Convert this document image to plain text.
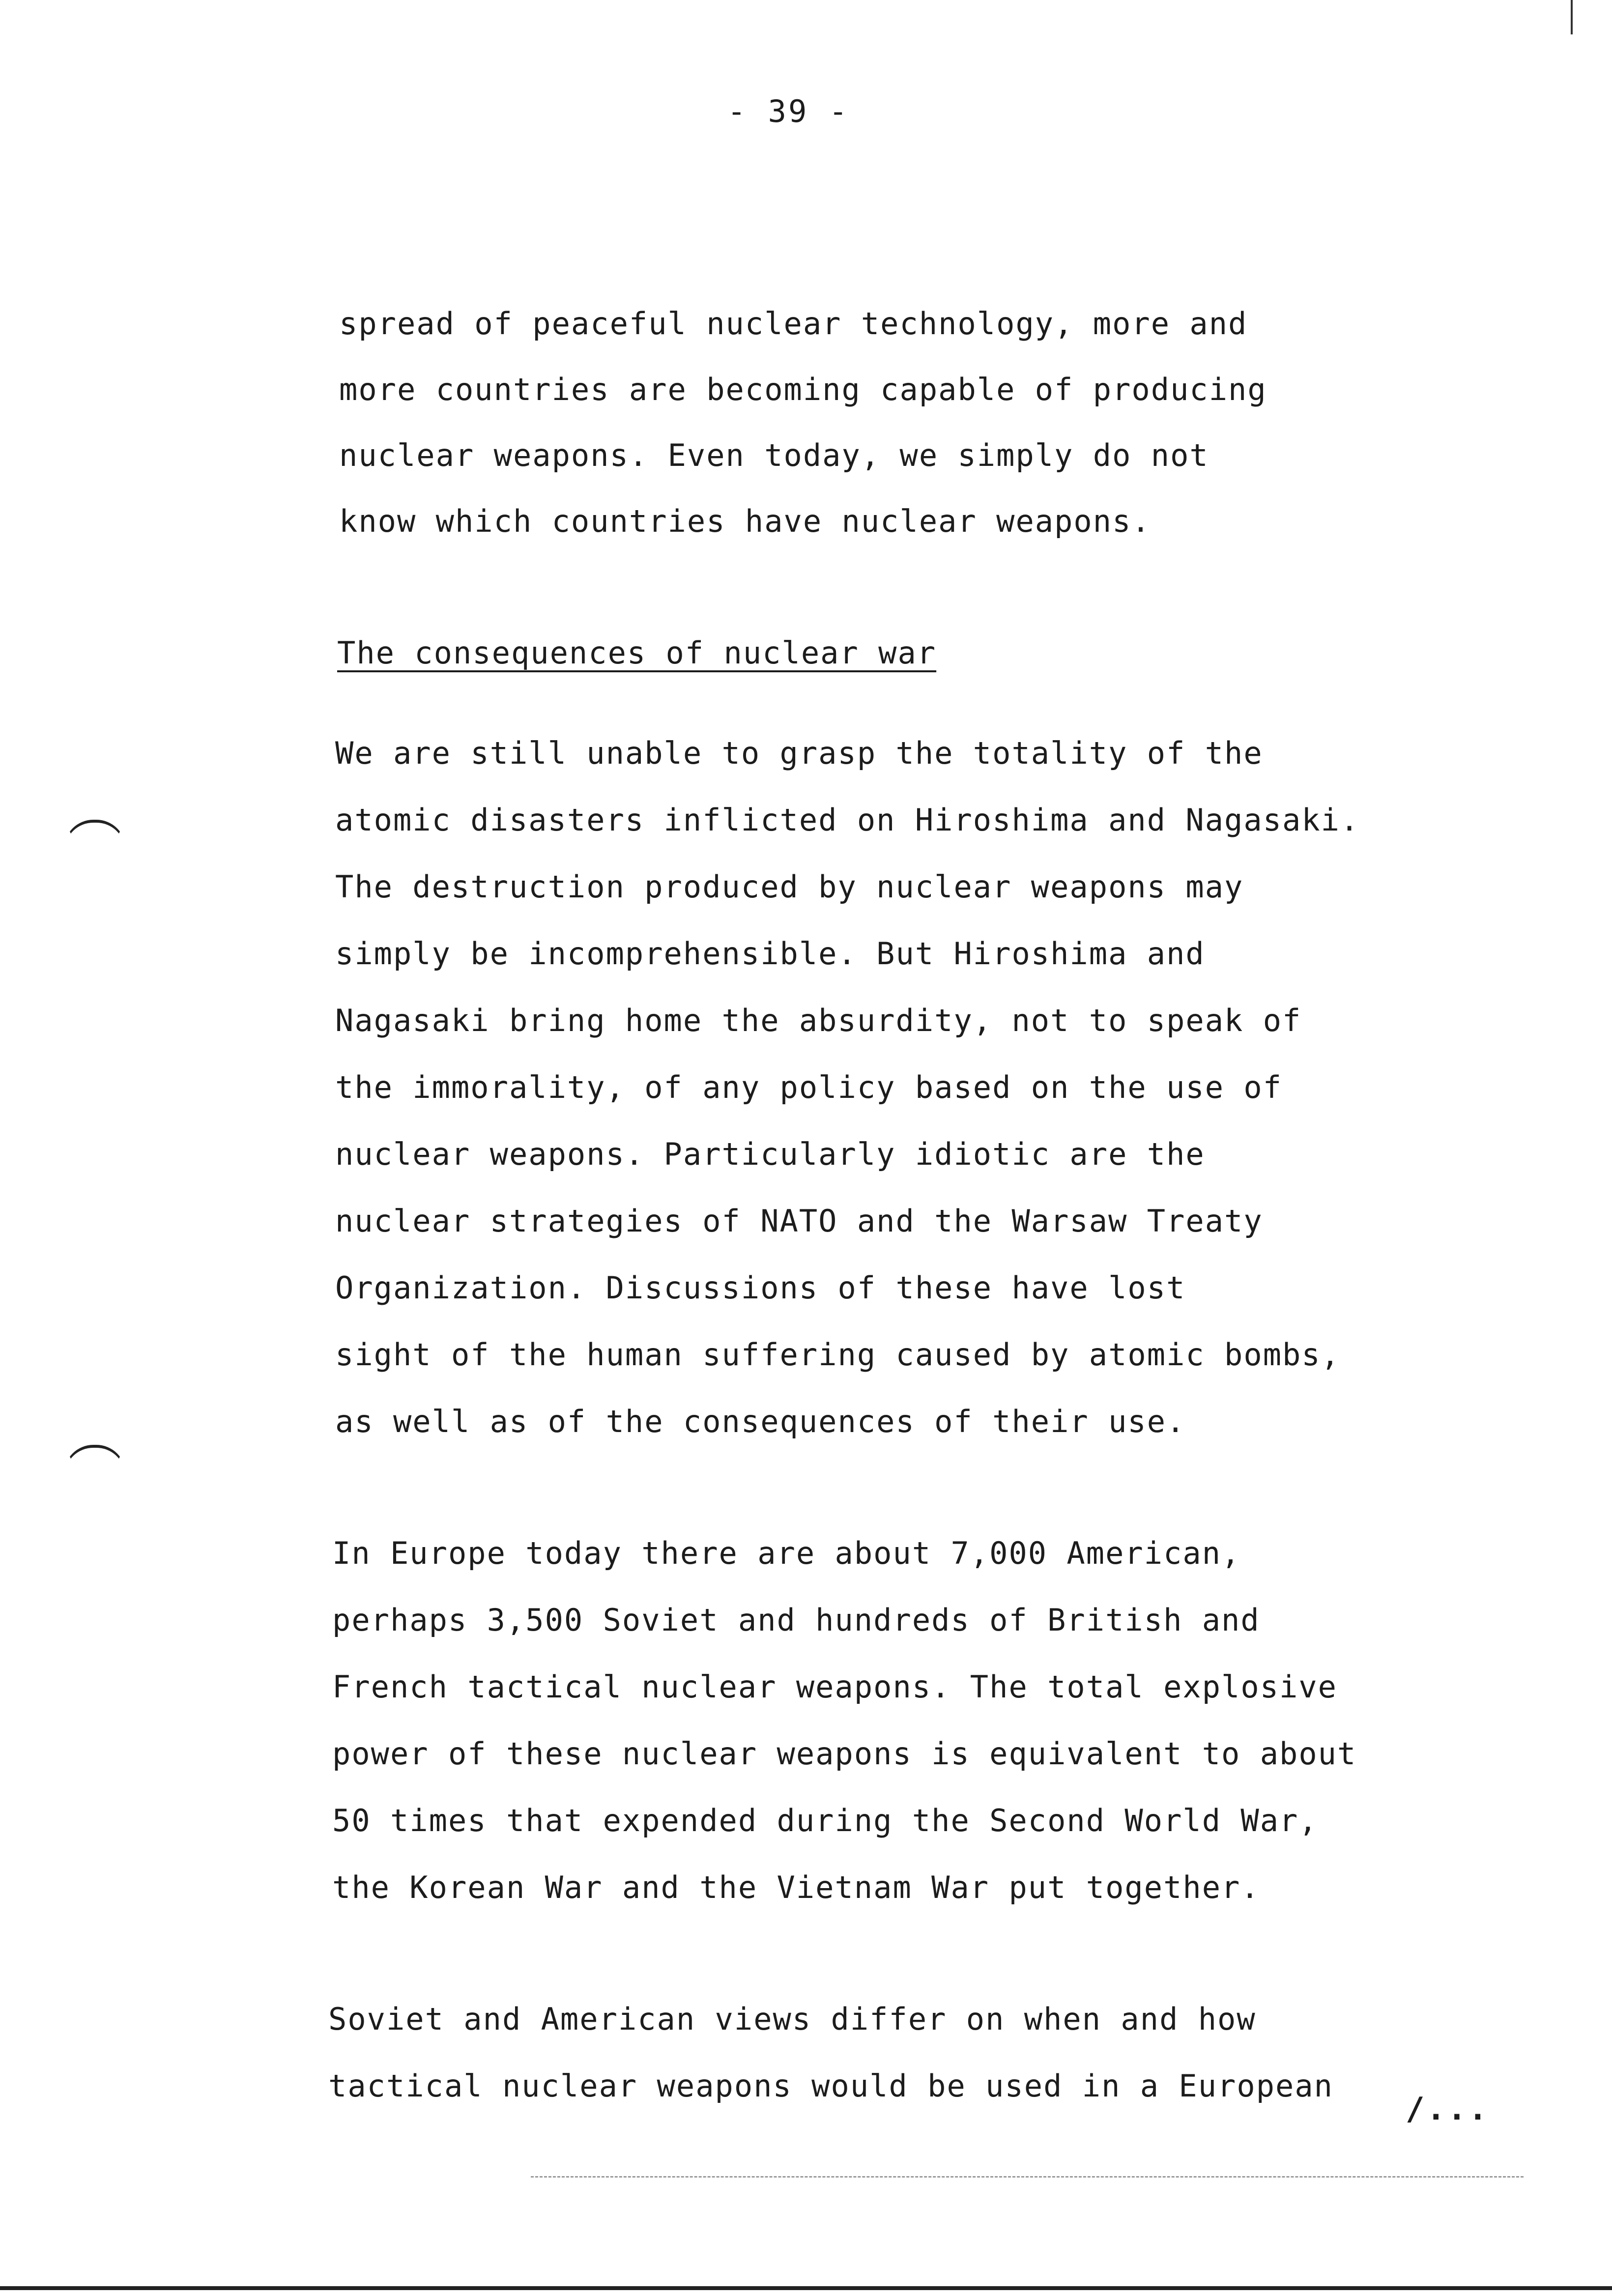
- 39 -
spread of peaceful nuclear technology, more and
more countries are becoming capable of producing
nuclear weapons. Even today, we simply do not
know which countries have nuclear weapons.
The consequences of nuclear war
We are still unable to grasp the totality of the
atomic disasters inflicted on Hiroshima and Nagasaki.
The destruction produced by nuclear weapons may
simply be incomprehensible. But Hiroshima and
Nagasaki bring home the absurdity, not to speak of
the immorality, of any policy based on the use of
nuclear weapons. Particularly idiotic are the
nuclear strategies of NATO and the Warsaw Treaty
Organization. Discussions of these have lost
sight of the human suffering caused by atomic bombs,
as well as of the consequences of their use.
In Europe today there are about 7,000 American,
perhaps 3,500 Soviet and hundreds of British and
French tactical nuclear weapons. The total explosive
power of these nuclear weapons is equivalent to about
50 times that expended during the Second World War,
the Korean War and the Vietnam War put together.
Soviet and American views differ on when and how
tactical nuclear weapons would be used in a European
/...
